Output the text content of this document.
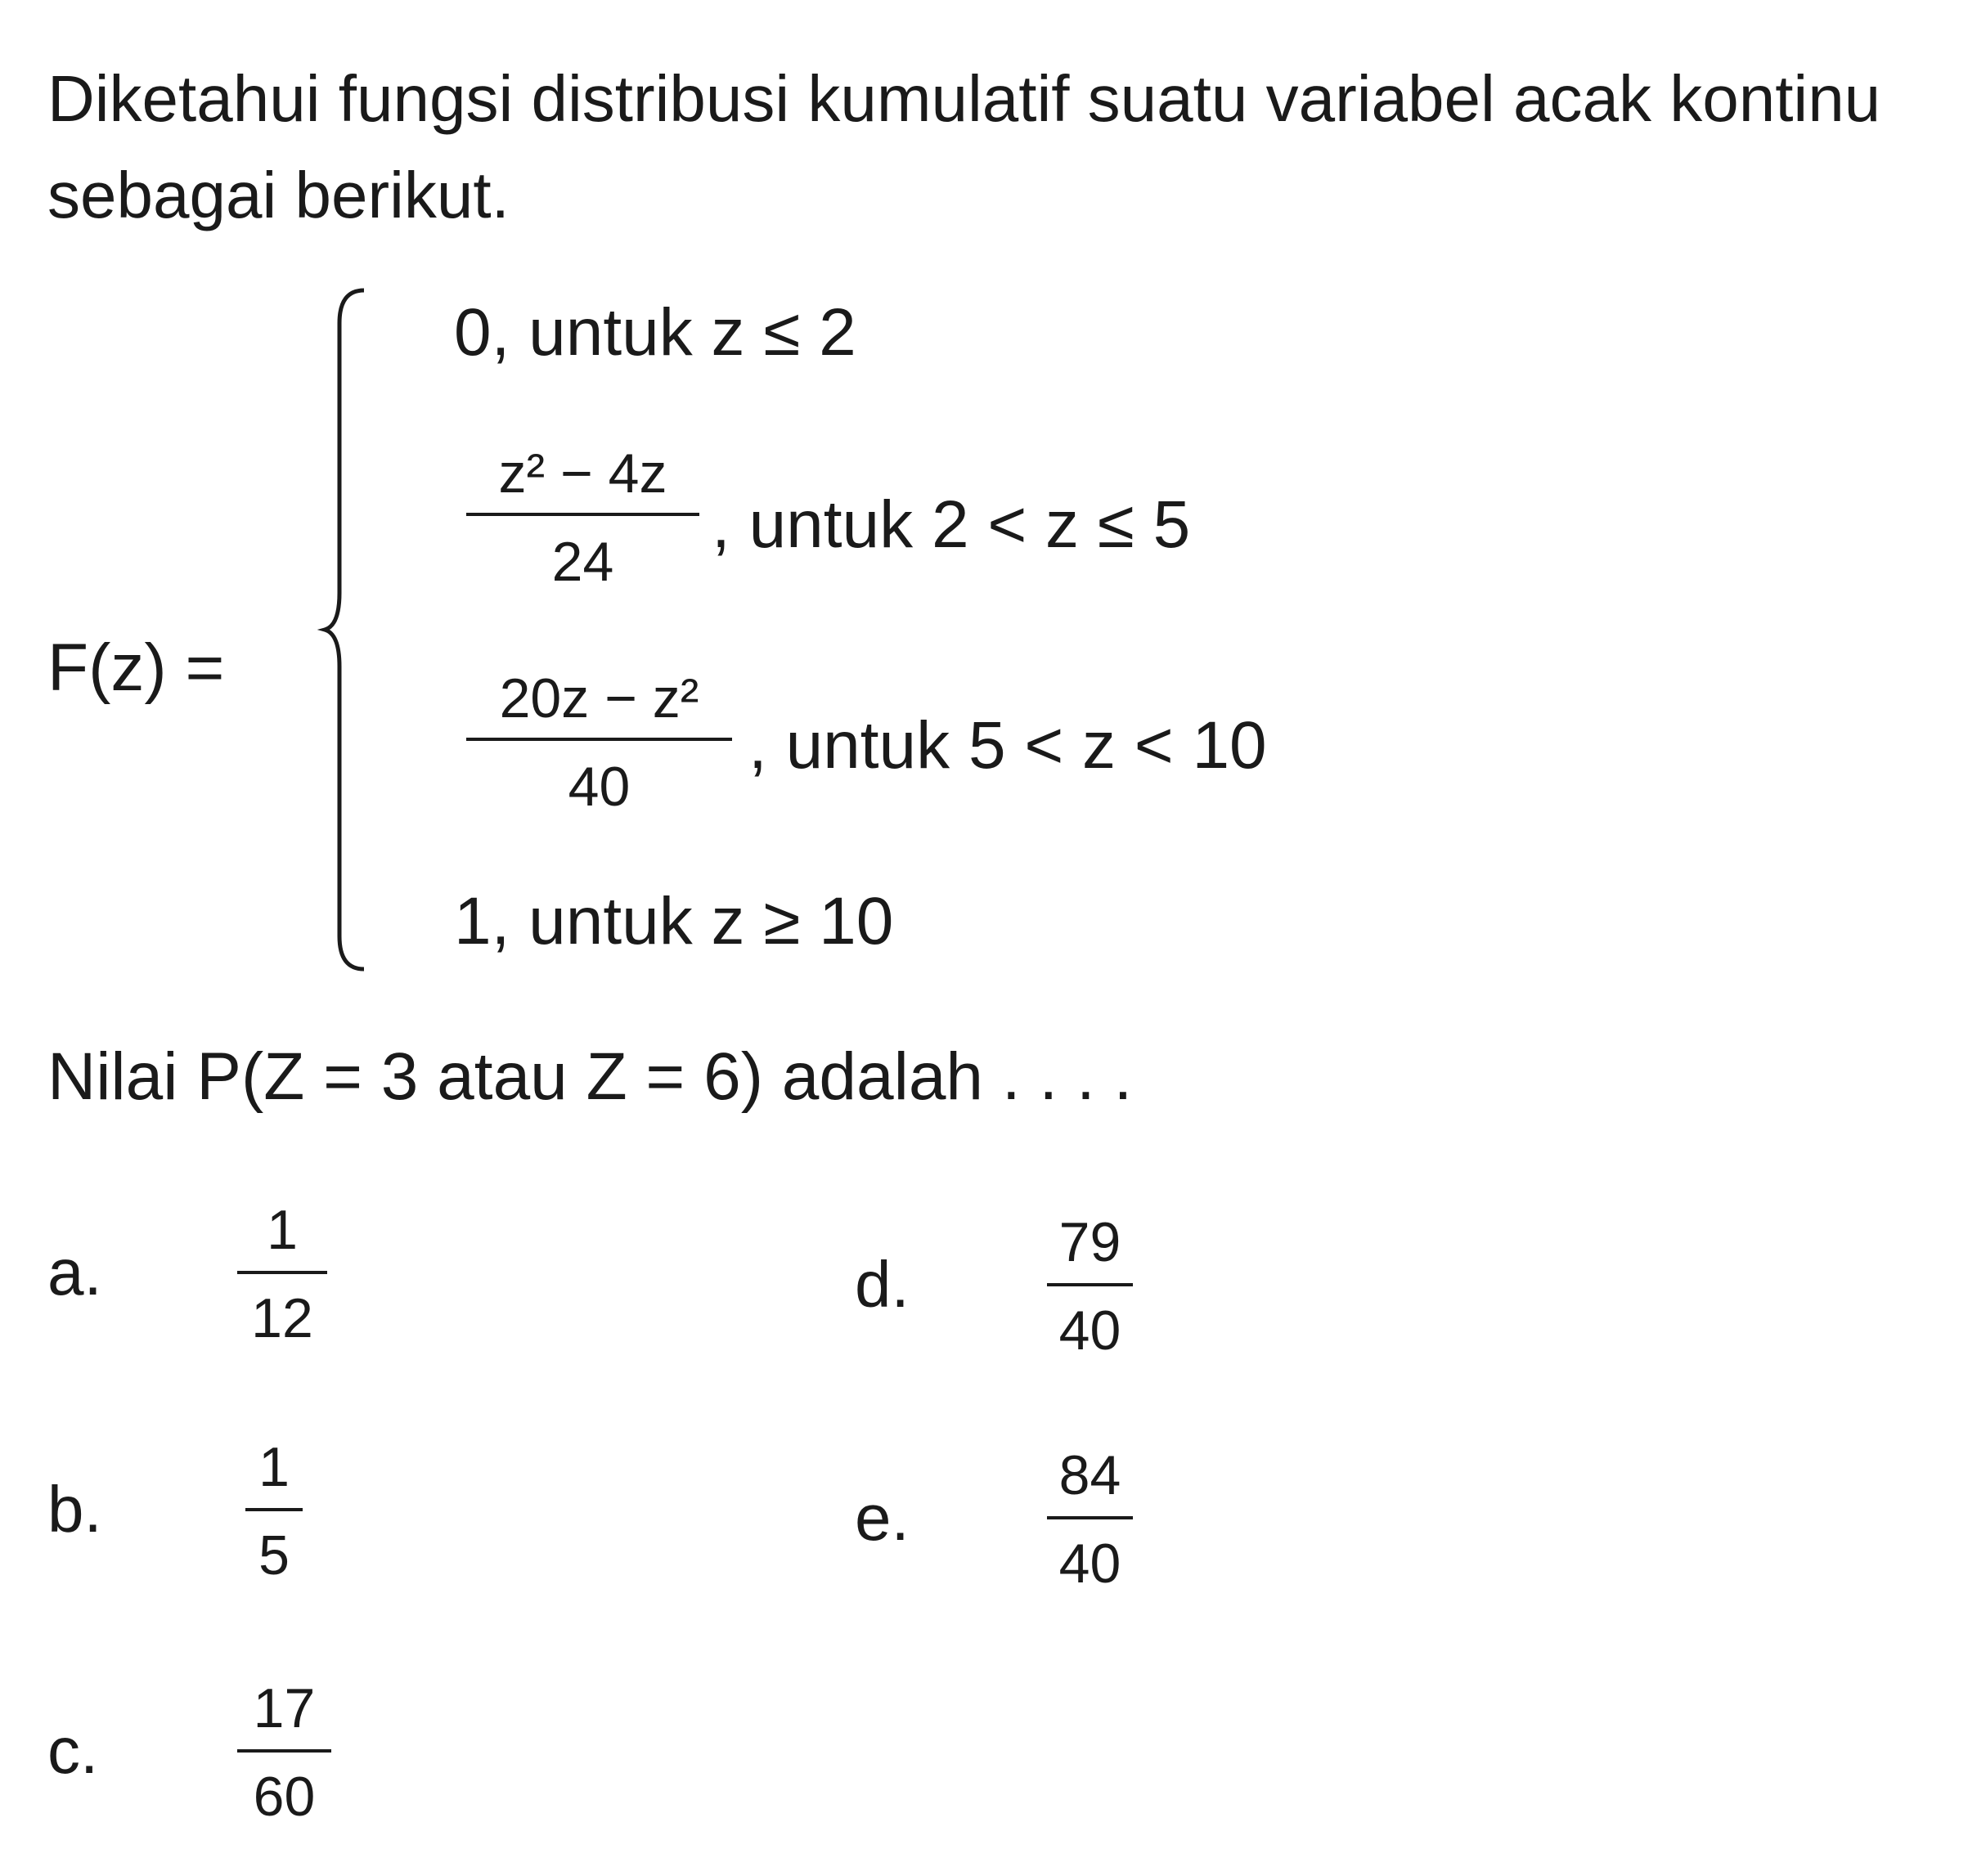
Diketahui fungsi distribusi kumulatif suatu variabel acak kontinu sebagai berikut.
F(z) =
0, untuk z ≤ 2
z² − 4z
24 , untuk 2 < z ≤ 5
20z − z²
40
, untuk 5 < z < 10
1, untuk z ≥ 10
Nilai P(Z = 3 atau Z = 6) adalah . . . .
a.
1
12
b.
1
5
c.
17
60
d.
79
40
e.
84
40
